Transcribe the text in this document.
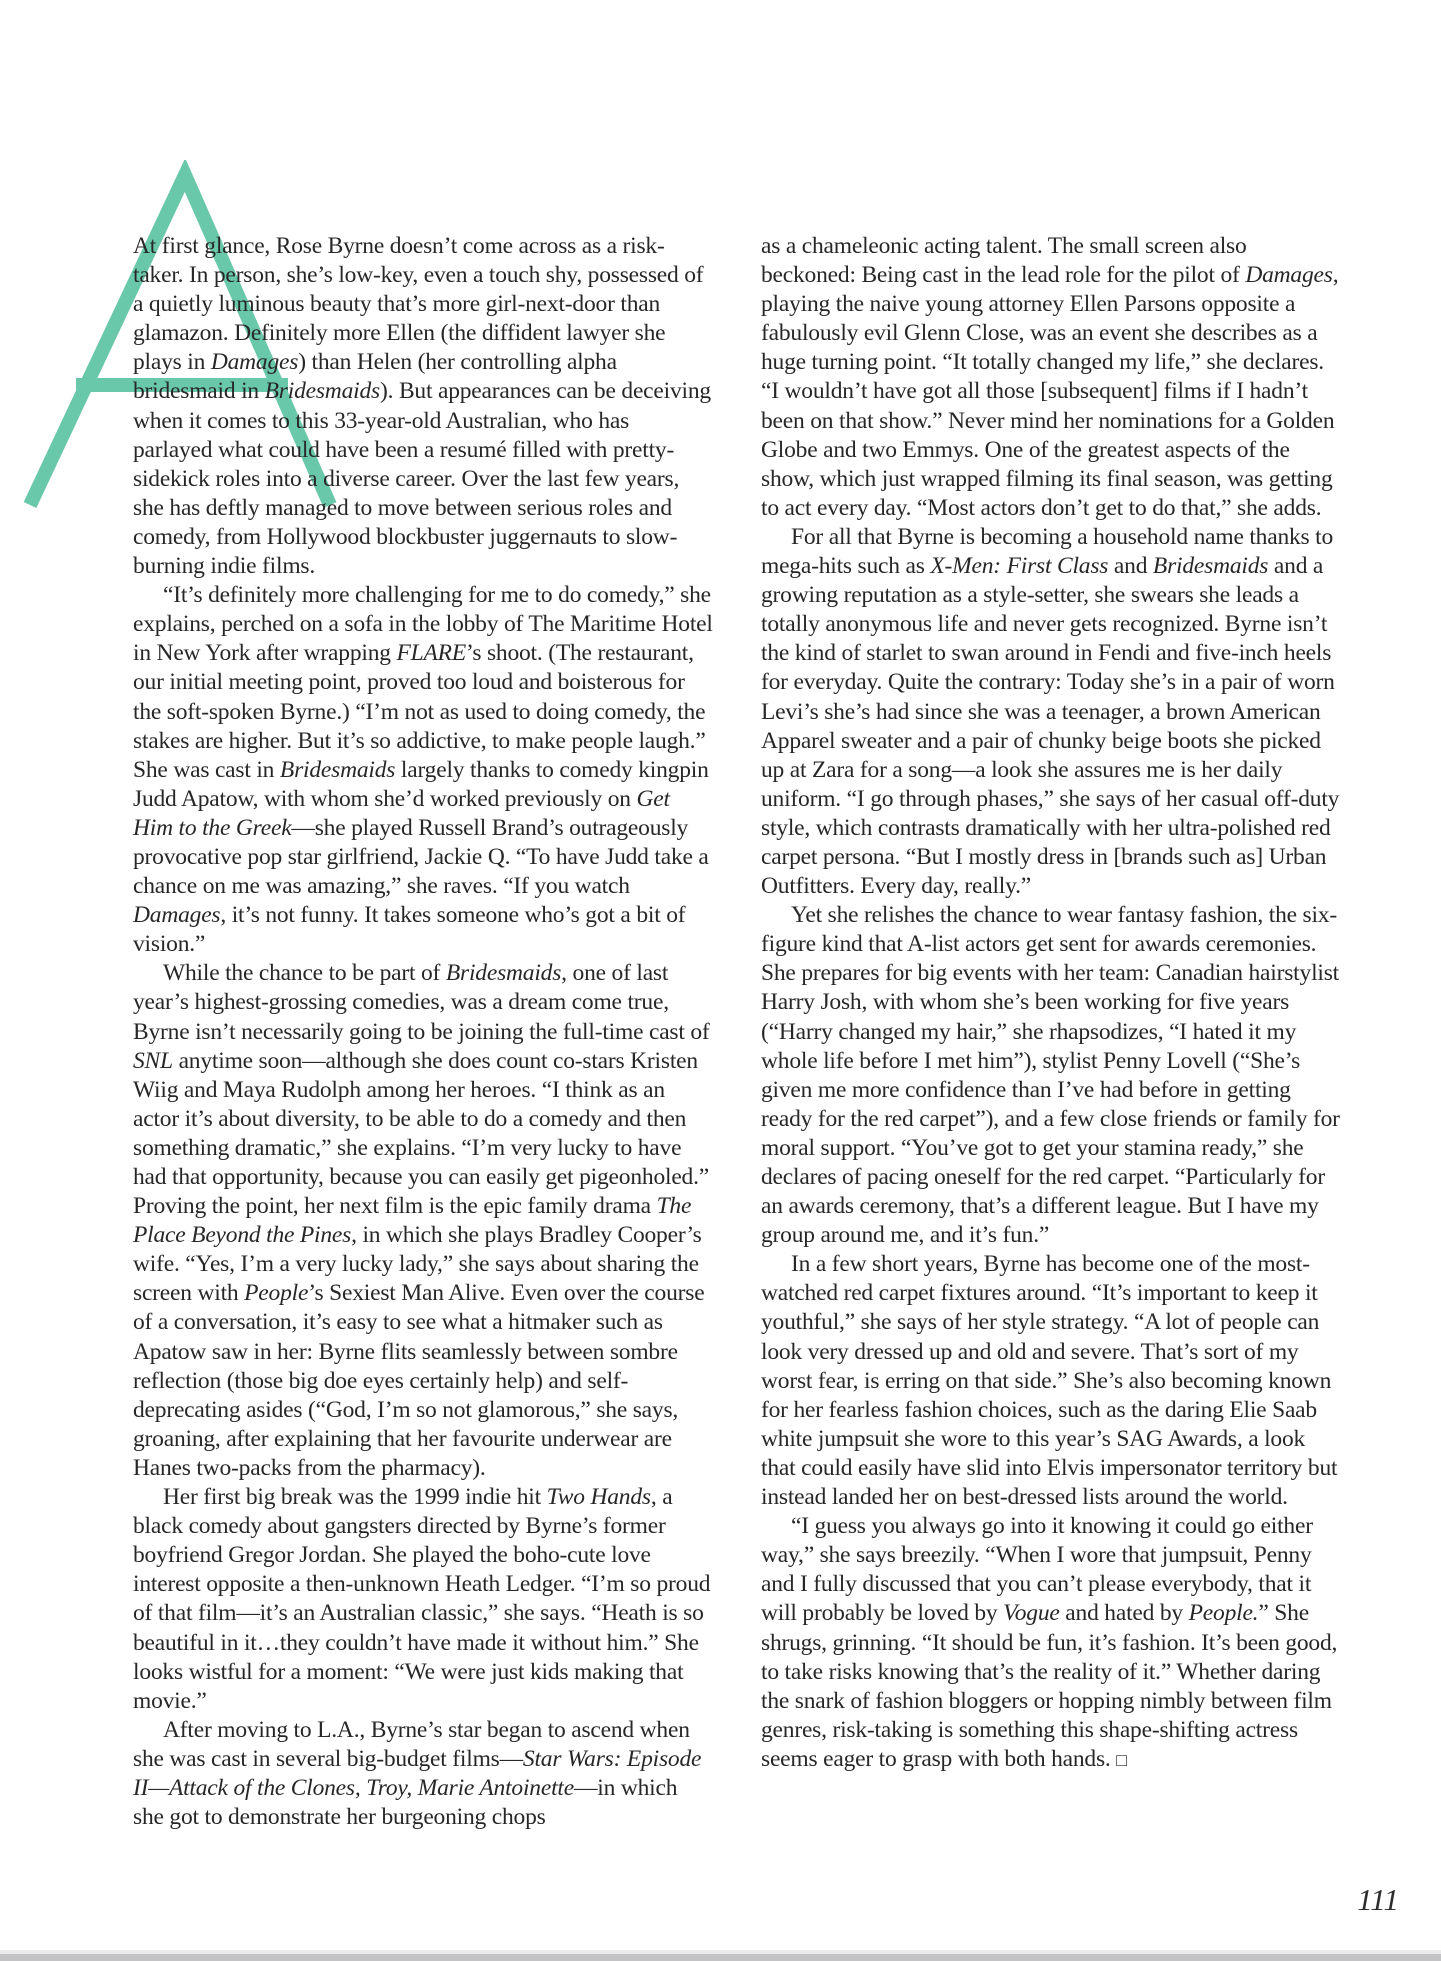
At first glance, Rose Byrne doesn’t come across as a risk-taker. In person, she’s low-key, even a touch shy, possessed of a quietly luminous beauty that’s more girl-next-door than glamazon. Definitely more Ellen (the diffident lawyer she plays in Damages) than Helen (her controlling alpha bridesmaid in Bridesmaids). But appearances can be deceiving when it comes to this 33-year-old Australian, who has parlayed what could have been a resumé filled with pretty-sidekick roles into a diverse career. Over the last few years, she has deftly managed to move between serious roles and comedy, from Hollywood blockbuster juggernauts to slow-burning indie films.

“It’s definitely more challenging for me to do comedy,” she explains, perched on a sofa in the lobby of The Maritime Hotel in New York after wrapping FLARE’s shoot. (The restaurant, our initial meeting point, proved too loud and boisterous for the soft-spoken Byrne.) “I’m not as used to doing comedy, the stakes are higher. But it’s so addictive, to make people laugh.” She was cast in Bridesmaids largely thanks to comedy kingpin Judd Apatow, with whom she’d worked previously on Get Him to the Greek—she played Russell Brand’s outrageously provocative pop star girlfriend, Jackie Q. “To have Judd take a chance on me was amazing,” she raves. “If you watch Damages, it’s not funny. It takes someone who’s got a bit of vision.”

While the chance to be part of Bridesmaids, one of last year’s highest-grossing comedies, was a dream come true, Byrne isn’t necessarily going to be joining the full-time cast of SNL anytime soon—although she does count co-stars Kristen Wiig and Maya Rudolph among her heroes. “I think as an actor it’s about diversity, to be able to do a comedy and then something dramatic,” she explains. “I’m very lucky to have had that opportunity, because you can easily get pigeonholed.” Proving the point, her next film is the epic family drama The Place Beyond the Pines, in which she plays Bradley Cooper’s wife. “Yes, I’m a very lucky lady,” she says about sharing the screen with People’s Sexiest Man Alive. Even over the course of a conversation, it’s easy to see what a hitmaker such as Apatow saw in her: Byrne flits seamlessly between sombre reflection (those big doe eyes certainly help) and self-deprecating asides (“God, I’m so not glamorous,” she says, groaning, after explaining that her favourite underwear are Hanes two-packs from the pharmacy).

Her first big break was the 1999 indie hit Two Hands, a black comedy about gangsters directed by Byrne’s former boyfriend Gregor Jordan. She played the boho-cute love interest opposite a then-unknown Heath Ledger. “I’m so proud of that film—it’s an Australian classic,” she says. “Heath is so beautiful in it…they couldn’t have made it without him.” She looks wistful for a moment: “We were just kids making that movie.”

After moving to L.A., Byrne’s star began to ascend when she was cast in several big-budget films—Star Wars: Episode II—Attack of the Clones, Troy, Marie Antoinette—in which she got to demonstrate her burgeoning chops

as a chameleonic acting talent. The small screen also beckoned: Being cast in the lead role for the pilot of Damages, playing the naive young attorney Ellen Parsons opposite a fabulously evil Glenn Close, was an event she describes as a huge turning point. “It totally changed my life,” she declares. “I wouldn’t have got all those [subsequent] films if I hadn’t been on that show.” Never mind her nominations for a Golden Globe and two Emmys. One of the greatest aspects of the show, which just wrapped filming its final season, was getting to act every day. “Most actors don’t get to do that,” she adds.

For all that Byrne is becoming a household name thanks to mega-hits such as X-Men: First Class and Bridesmaids and a growing reputation as a style-setter, she swears she leads a totally anonymous life and never gets recognized. Byrne isn’t the kind of starlet to swan around in Fendi and five-inch heels for everyday. Quite the contrary: Today she’s in a pair of worn Levi’s she’s had since she was a teenager, a brown American Apparel sweater and a pair of chunky beige boots she picked up at Zara for a song—a look she assures me is her daily uniform. “I go through phases,” she says of her casual off-duty style, which contrasts dramatically with her ultra-polished red carpet persona. “But I mostly dress in [brands such as] Urban Outfitters. Every day, really.”

Yet she relishes the chance to wear fantasy fashion, the six-figure kind that A-list actors get sent for awards ceremonies. She prepares for big events with her team: Canadian hairstylist Harry Josh, with whom she’s been working for five years (“Harry changed my hair,” she rhapsodizes, “I hated it my whole life before I met him”), stylist Penny Lovell (“She’s given me more confidence than I’ve had before in getting ready for the red carpet”), and a few close friends or family for moral support. “You’ve got to get your stamina ready,” she declares of pacing oneself for the red carpet. “Particularly for an awards ceremony, that’s a different league. But I have my group around me, and it’s fun.”

In a few short years, Byrne has become one of the most-watched red carpet fixtures around. “It’s important to keep it youthful,” she says of her style strategy. “A lot of people can look very dressed up and old and severe. That’s sort of my worst fear, is erring on that side.” She’s also becoming known for her fearless fashion choices, such as the daring Elie Saab white jumpsuit she wore to this year’s SAG Awards, a look that could easily have slid into Elvis impersonator territory but instead landed her on best-dressed lists around the world.

“I guess you always go into it knowing it could go either way,” she says breezily. “When I wore that jumpsuit, Penny and I fully discussed that you can’t please everybody, that it will probably be loved by Vogue and hated by People.” She shrugs, grinning. “It should be fun, it’s fashion. It’s been good, to take risks knowing that’s the reality of it.” Whether daring the snark of fashion bloggers or hopping nimbly between film genres, risk-taking is something this shape-shifting actress seems eager to grasp with both hands. □

111
